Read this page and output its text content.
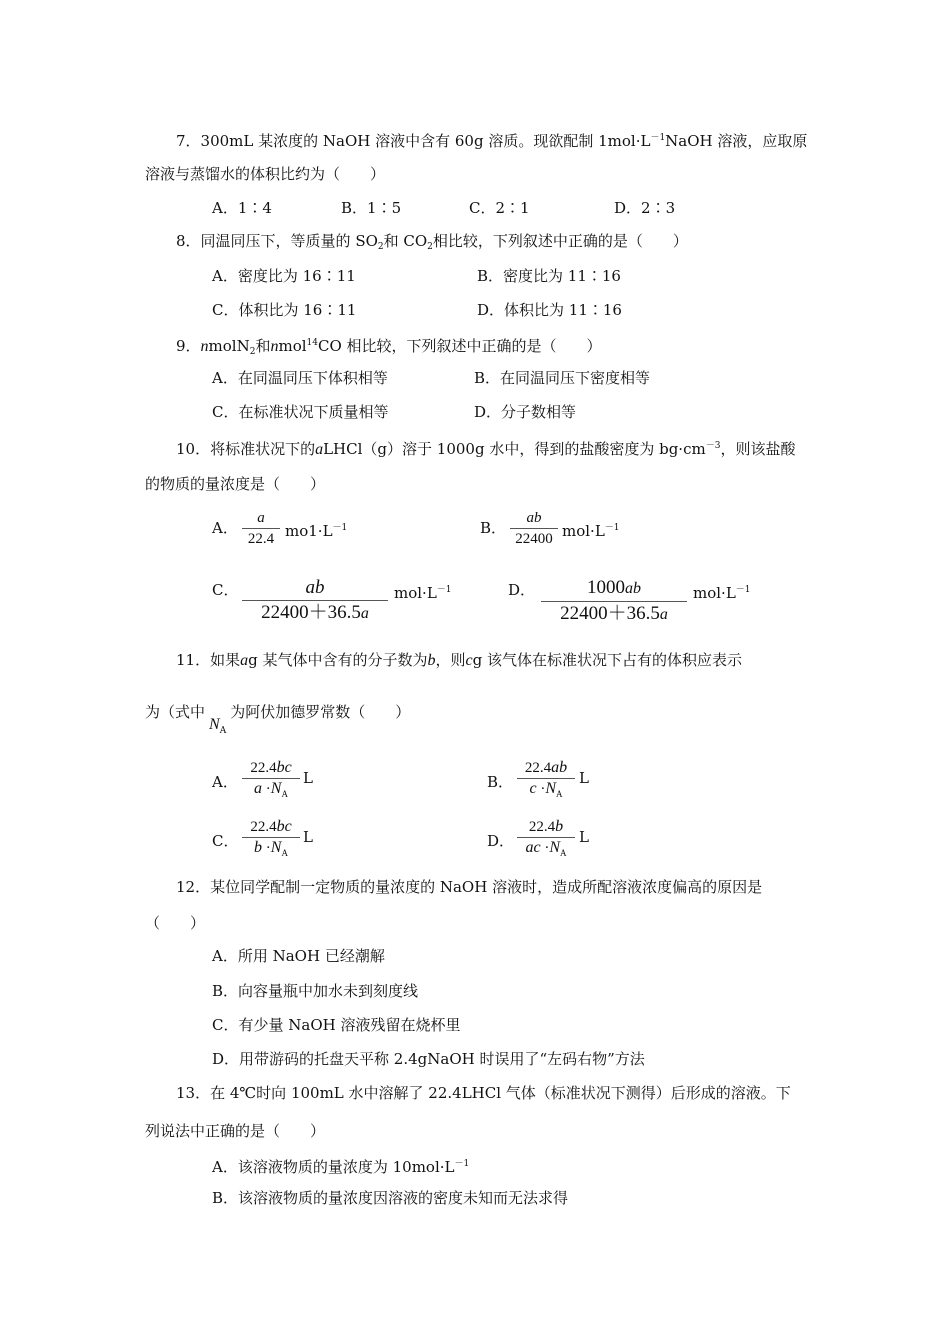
7．300mL 某浓度的 NaOH 溶液中含有 60g 溶质。现欲配制 $1mol\cdot L^{-1}NaOH$ 溶液，应取原
溶液与蒸馏水的体积比约为（　　）
A．1∶4	B．1∶5	C．2∶1	D．2∶3
8．同温同压下，等质量的 $SO_2$和 $CO_2$相比较，下列叙述中正确的是（　　）
A．密度比为 16∶11	B．密度比为 11∶16
C．体积比为 16∶11	D．体积比为 11∶16
9．nmolN$_2$和nmol$^{14}$CO 相比较，下列叙述中正确的是（　　）
A．在同温同压下体积相等	B．在同温同压下密度相等
C．在标准状况下质量相等	D．分子数相等
10．将标准状况下的aLHCl（g）溶于 1000g 水中，得到的盐酸密度为 $bg\cdot cm^{-3}$，则该盐酸
的物质的量浓度是（　　）
A．
a
22.4 $mo1\cdot L^{-1}$	B．
ab
22400 $mol\cdot L^{-1}$
C．	ab
22400＋36.5a
$mol\cdot L^{-1}$	D．	1000ab
22400＋36.5a
$mol\cdot L^{-1}$
11．如果ag 某气体中含有的分子数为b，则cg 该气体在标准状况下占有的体积应表示
为（式中$N_A$为阿伏加德罗常数（　　）
A．
22.4bc
$a \cdot N_A$
L	B．
22.4ab
$c \cdot N_A$
L
C．
22.4bc
$b \cdot N_A$
L	D．
22.4b
ac $\cdot N_A$
L
12．某位同学配制一定物质的量浓度的 NaOH 溶液时，造成所配溶液浓度偏高的原因是
（　　）
A．所用 NaOH 已经潮解
B．向容量瓶中加水未到刻度线
C．有少量 NaOH 溶液残留在烧杯里
D．用带游码的托盘天平称 2.4gNaOH 时误用了“左码右物”方法
13．在 4℃时向 100mL 水中溶解了 22.4LHCl 气体（标准状况下测得）后形成的溶液。下
列说法中正确的是（　　）
A．该溶液物质的量浓度为 $10mol\cdot L^{-1}$
B．该溶液物质的量浓度因溶液的密度未知而无法求得
